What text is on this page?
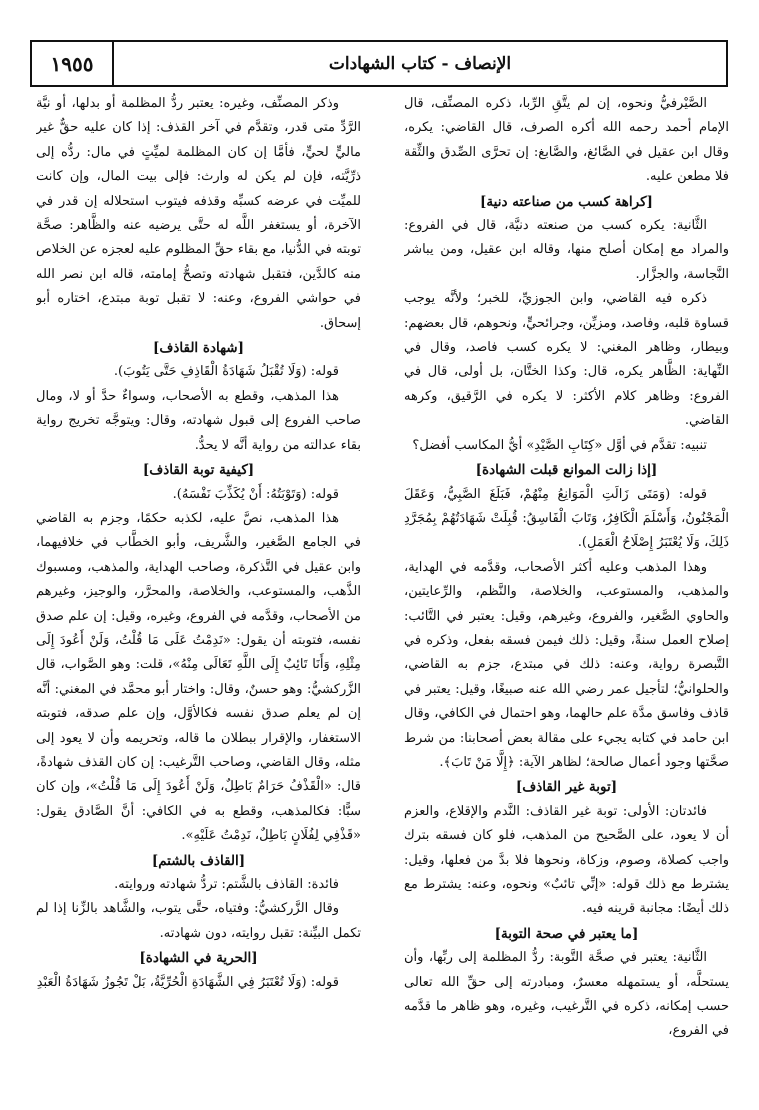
١٩٥٥	الإنصاف - كتاب الشهادات

الصَّيْرفيُّ ونحوه، إن لم يتَّقِ الرِّبا، ذكره المصنِّف، قال الإمام أحمد رحمه الله أكره الصرف، قال القاضي: يكره، وقال ابن عقيل في الصَّائغ، والصَّابغ: إن تحرَّى الصِّدق والثِّقة فلا مطعن عليه.

[كراهة كسب من صناعته دنية]

الثَّانية: يكره كسب من صنعته دنيَّة، قال في الفروع: والمراد مع إمكان أصلح منها، وقاله ابن عقيل، ومن يباشر النَّجاسة، والجزَّار.

ذكره فيه القاضي، وابن الجوزيِّ، للخبر؛ ولأنَّه يوجب قساوة قلبه، وفاصد، ومزيِّن، وجرائحيٍّ، ونحوهم، قال بعضهم: وبيطار، وظاهر المغني: لا يكره كسب فاصد، وقال في النِّهاية: الظَّاهر يكره، قال: وكذا الختَّان، بل أولى، قال في الفروع: وظاهر كلام الأكثر: لا يكره في الرَّقيق، وكرهه القاضي.

تنبيه: تقدَّم في أوَّل «كِتَابِ الصَّيْدِ» أيُّ المكاسب أفضل؟

[إذا زالت الموانع قبلت الشهادة]

قوله: (وَمَتَى زَالَتِ الْمَوَانِعُ مِنْهُمْ، فَبَلَغَ الصَّبِيُّ، وَعَقَلَ الْمَجْنُونُ، وَأَسْلَمَ الْكَافِرُ، وَتَابَ الْفَاسِقُ: قُبِلَتْ شَهَادَتُهُمْ بِمُجَرَّدِ ذَلِكَ، وَلَا يُعْتَبَرُ إِصْلَاحُ الْعَمَلِ).

وهذا المذهب وعليه أكثر الأصحاب، وقدَّمه في الهداية، والمذهب، والمستوعب، والخلاصة، والنَّظم، والرِّعايتين، والحاوي الصَّغير، والفروع، وغيرهم، وقيل: يعتبر في التَّائب: إصلاح العمل سنةً، وقيل: ذلك فيمن فسقه بفعل، وذكره في التَّبصرة رواية، وعنه: ذلك في مبتدع، جزم به القاضي، والحلوانيُّ؛ لتأجيل عمر رضي الله عنه صبيغًا، وقيل: يعتبر في قاذف وفاسق مدَّة علم حالهما، وهو احتمال في الكافي، وقال ابن حامد في كتابه يجيء على مقالة بعض أصحابنا: من شرط صحَّتها وجود أعمال صالحة؛ لظاهر الآية: ﴿إِلَّا مَنْ تَابَ﴾.

[توبة غير القاذف]

فائدتان: الأولى: توبة غير القاذف: النَّدم والإقلاع، والعزم أن لا يعود، على الصَّحيح من المذهب، فلو كان فسقه بترك واجب كصلاة، وصوم، وزكاة، ونحوها فلا بدَّ من فعلها، وقيل: يشترط مع ذلك قوله: «إنِّي تائبٌ» ونحوه، وعنه: يشترط مع ذلك أيضًا: مجانبة قرينه فيه.

[ما يعتبر في صحة التوبة]

الثَّانية: يعتبر في صحَّة التَّوبة: ردُّ المظلمة إلى ربِّها، وأن يستحلَّه، أو يستمهله معسرٌ، ومبادرته إلى حقِّ الله تعالى حسب إمكانه، ذكره في التَّرغيب، وغيره، وهو ظاهر ما قدَّمه في الفروع،

وذكر المصنِّف، وغيره: يعتبر ردُّ المظلمة أو بدلها، أو نيَّة الرَّدِّ متى قدر، وتقدَّم في آخر القذف: إذا كان عليه حقٌّ غير ماليٍّ لحيٍّ، فأمَّا إن كان المظلمة لميِّتٍ في مال: ردُّه إلى ذرِّيَّته، فإن لم يكن له وارث: فإلى بيت المال، وإن كانت للميِّت في عرضه كسبِّه وقذفه فيتوب استحلاله إن قدر في الآخرة، أو يستغفر اللَّه له حتَّى يرضيه عنه والظَّاهر: صحَّة توبته في الدُّنيا، مع بقاء حقِّ المظلوم عليه لعجزه عن الخلاص منه كالدَّين، فتقبل شهادته وتصحُّ إمامته، قاله ابن نصر الله في حواشي الفروع، وعنه: لا تقبل توبة مبتدع، اختاره أبو إسحاق.

[شهادة القاذف]

قوله: (وَلَا تُقْبَلُ شَهَادَةُ الْقَاذِفِ حَتَّى يَتُوبَ).

هذا المذهب، وقطع به الأصحاب، وسواءٌ حدَّ أو لا، ومال صاحب الفروع إلى قبول شهادته، وقال: ويتوجَّه تخريج رواية بقاء عدالته من رواية أنَّه لا يحدُّ.

[كيفية توبة القاذف]

قوله: (وَتَوْبَتُهُ: أَنْ يُكَذِّبَ نَفْسَهُ).

هذا المذهب، نصَّ عليه، لكذبه حكمًا، وجزم به القاضي في الجامع الصَّغير، والشَّريف، وأبو الخطَّاب في خلافيهما، وابن عقيل في التَّذكرة، وصاحب الهداية، والمذهب، ومسبوك الذَّهب، والمستوعب، والخلاصة، والمحرَّر، والوجيز، وغيرهم من الأصحاب، وقدَّمه في الفروع، وغيره، وقيل: إن علم صدق نفسه، فتوبته أن يقول: «نَدِمْتُ عَلَى مَا قُلْتُ، وَلَنْ أَعُودَ إِلَى مِثْلِهِ، وَأَنَا تَائِبٌ إِلَى اللَّهِ تَعَالَى مِنْهُ»، قلت: وهو الصَّواب، قال الزَّركشيُّ: وهو حسنٌ، وقال: واختار أبو محمَّد في المغني: أنَّه إن لم يعلم صدق نفسه فكالأوَّل، وإن علم صدقه، فتوبته الاستغفار، والإقرار ببطلان ما قاله، وتحريمه وأن لا يعود إلى مثله، وقال القاضي، وصاحب التَّرغيب: إن كان القذف شهادةً، قال: «الْقَذْفُ حَرَامٌ بَاطِلٌ، وَلَنْ أَعُودَ إِلَى مَا قُلْتُ»، وإن كان سبًّا: فكالمذهب، وقطع به في الكافي: أنَّ الصَّادق يقول: «قَذْفِي لِفُلَانٍ بَاطِلٌ، نَدِمْتُ عَلَيْهِ».

[القاذف بالشتم]

فائدة: القاذف بالشَّتم: تردُّ شهادته وروايته.

وقال الزَّركشيُّ: وفتياه، حتَّى يتوب، والشَّاهد بالزِّنا إذا لم تكمل البيِّنة: تقبل روايته، دون شهادته.

[الحرية في الشهادة]

قوله: (وَلَا تُعْتَبَرُ فِي الشَّهَادَةِ الْحُرِّيَّةُ، بَلْ تَجُوزُ شَهَادَةُ الْعَبْدِ
